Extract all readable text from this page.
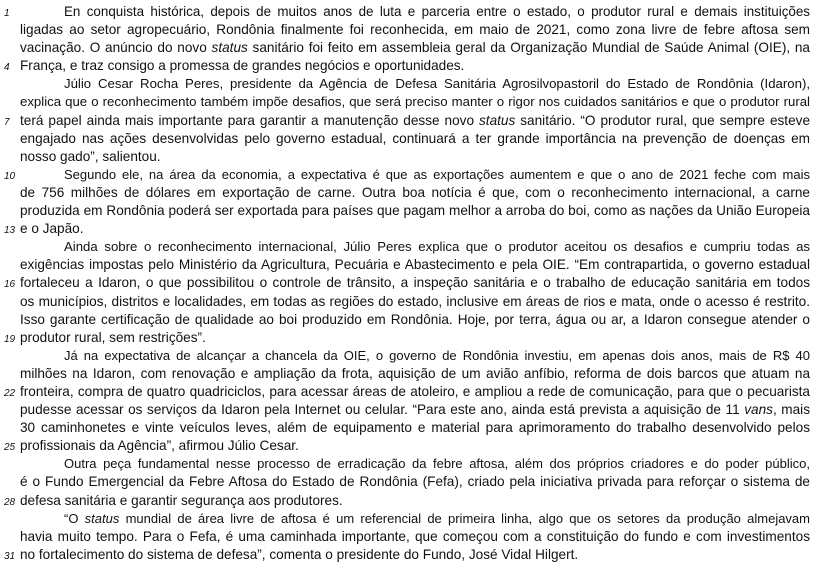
1	En conquista histórica, depois de muitos anos de luta e parceria entre o estado, o produtor rural e demais instituições
ligadas ao setor agropecuário, Rondônia finalmente foi reconhecida, em maio de 2021, como zona livre de febre aftosa sem
vacinação. O anúncio do novo status sanitário foi feito em assembleia geral da Organização Mundial de Saúde Animal (OIE), na
4 França, e traz consigo a promessa de grandes negócios e oportunidades.
Júlio Cesar Rocha Peres, presidente da Agência de Defesa Sanitária Agrosilvopastoril do Estado de Rondônia (Idaron),
explica que o reconhecimento também impõe desafios, que será preciso manter o rigor nos cuidados sanitários e que o produtor rural
7 terá papel ainda mais importante para garantir a manutenção desse novo status sanitário. “O produtor rural, que sempre esteve
engajado nas ações desenvolvidas pelo governo estadual, continuará a ter grande importância na prevenção de doenças em
nosso gado”, salientou.
10	Segundo ele, na área da economia, a expectativa é que as exportações aumentem e que o ano de 2021 feche com mais
de 756 milhões de dólares em exportação de carne. Outra boa notícia é que, com o reconhecimento internacional, a carne
produzida em Rondônia poderá ser exportada para países que pagam melhor a arroba do boi, como as nações da União Europeia
13 e o Japão.
Ainda sobre o reconhecimento internacional, Júlio Peres explica que o produtor aceitou os desafios e cumpriu todas as
exigências impostas pelo Ministério da Agricultura, Pecuária e Abastecimento e pela OIE. “Em contrapartida, o governo estadual
16 fortaleceu a Idaron, o que possibilitou o controle de trânsito, a inspeção sanitária e o trabalho de educação sanitária em todos
os municípios, distritos e localidades, em todas as regiões do estado, inclusive em áreas de rios e mata, onde o acesso é restrito.
Isso garante certificação de qualidade ao boi produzido em Rondônia. Hoje, por terra, água ou ar, a Idaron consegue atender o
19 produtor rural, sem restrições”.
Já na expectativa de alcançar a chancela da OIE, o governo de Rondônia investiu, em apenas dois anos, mais de R$ 40
milhões na Idaron, com renovação e ampliação da frota, aquisição de um avião anfíbio, reforma de dois barcos que atuam na
22 fronteira, compra de quatro quadriciclos, para acessar áreas de atoleiro, e ampliou a rede de comunicação, para que o pecuarista
pudesse acessar os serviços da Idaron pela Internet ou celular. “Para este ano, ainda está prevista a aquisição de 11 vans, mais
30 caminhonetes e vinte veículos leves, além de equipamento e material para aprimoramento do trabalho desenvolvido pelos
25 profissionais da Agência”, afirmou Júlio Cesar.
Outra peça fundamental nesse processo de erradicação da febre aftosa, além dos próprios criadores e do poder público,
é o Fundo Emergencial da Febre Aftosa do Estado de Rondônia (Fefa), criado pela iniciativa privada para reforçar o sistema de
28 defesa sanitária e garantir segurança aos produtores.
“O status mundial de área livre de aftosa é um referencial de primeira linha, algo que os setores da produção almejavam
havia muito tempo. Para o Fefa, é uma caminhada importante, que começou com a constituição do fundo e com investimentos
31 no fortalecimento do sistema de defesa”, comenta o presidente do Fundo, José Vidal Hilgert.
